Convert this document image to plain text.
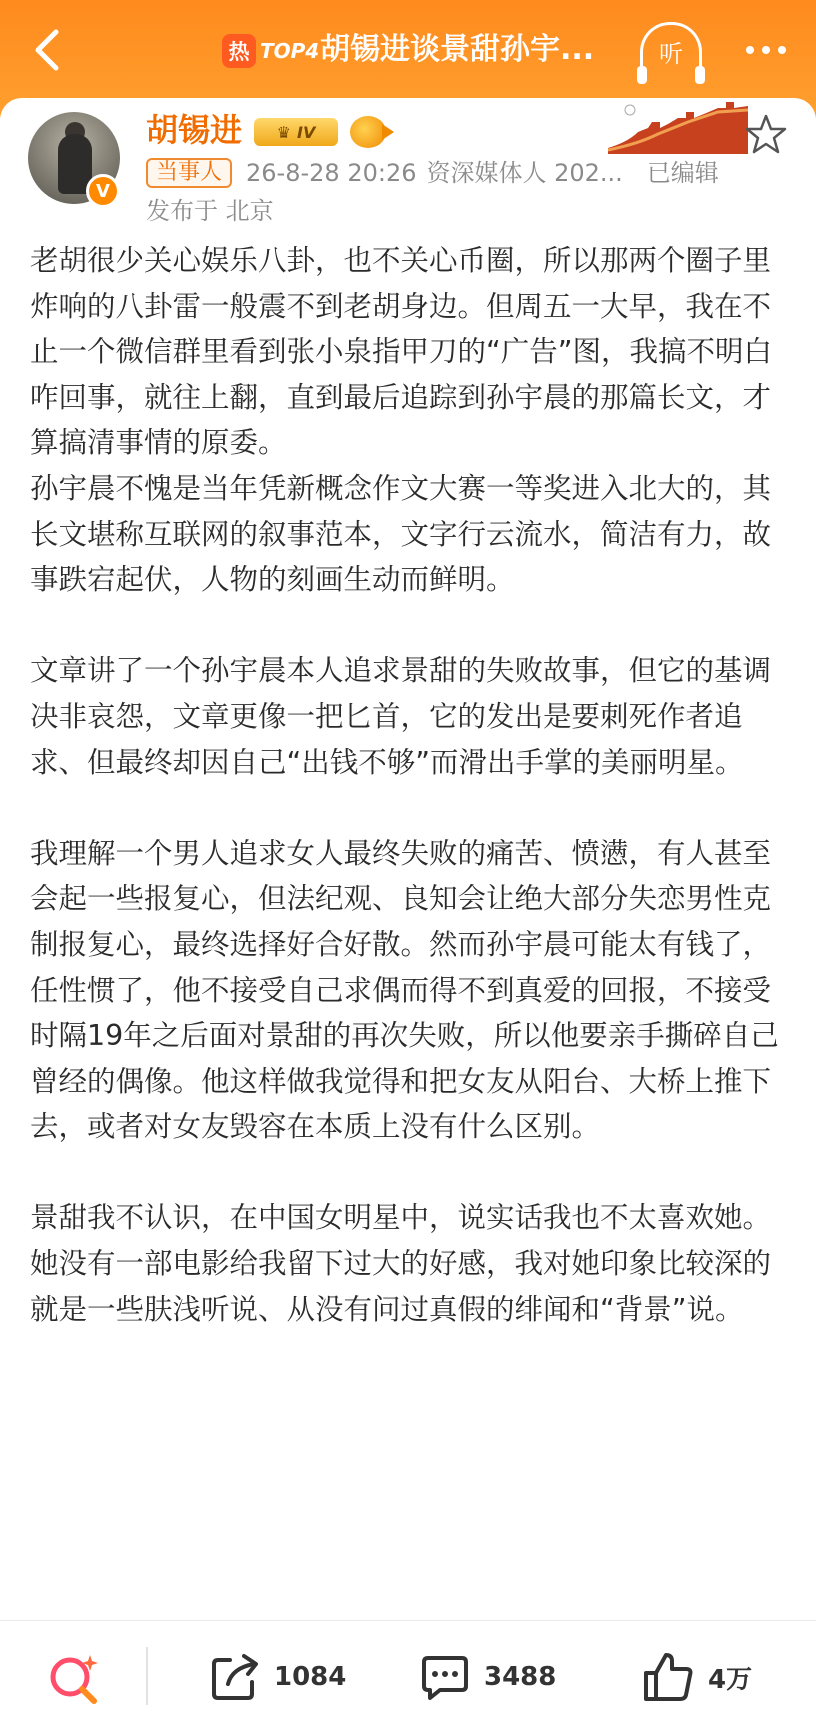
热 TOP4 胡锡进谈景甜孙宇...	听
V
胡锡进 ♛ IV
当事人	26-8-28 20:26 资深媒体人 202... 已编辑
发布于 北京

老胡很少关心娱乐八卦，也不关心币圈，所以那两个圈子里炸响的八卦雷一般震不到老胡身边。但周五一大早，我在不止一个微信群里看到张小泉指甲刀的“广告”图，我搞不明白咋回事，就往上翻，直到最后追踪到孙宇晨的那篇长文，才算搞清事情的原委。

孙宇晨不愧是当年凭新概念作文大赛一等奖进入北大的，其长文堪称互联网的叙事范本，文字行云流水，简洁有力，故事跌宕起伏，人物的刻画生动而鲜明。

文章讲了一个孙宇晨本人追求景甜的失败故事，但它的基调决非哀怨，文章更像一把匕首，它的发出是要刺死作者追求、但最终却因自己“出钱不够”而滑出手掌的美丽明星。

我理解一个男人追求女人最终失败的痛苦、愤懑，有人甚至会起一些报复心，但法纪观、良知会让绝大部分失恋男性克制报复心，最终选择好合好散。然而孙宇晨可能太有钱了，任性惯了，他不接受自己求偶而得不到真爱的回报，不接受时隔19年之后面对景甜的再次失败，所以他要亲手撕碎自己曾经的偶像。他这样做我觉得和把女友从阳台、大桥上推下去，或者对女友毁容在本质上没有什么区别。

景甜我不认识，在中国女明星中，说实话我也不太喜欢她。她没有一部电影给我留下过大的好感，我对她印象比较深的就是一些肤浅听说、从没有问过真假的绯闻和“背景”说。

1084	3488	4万
